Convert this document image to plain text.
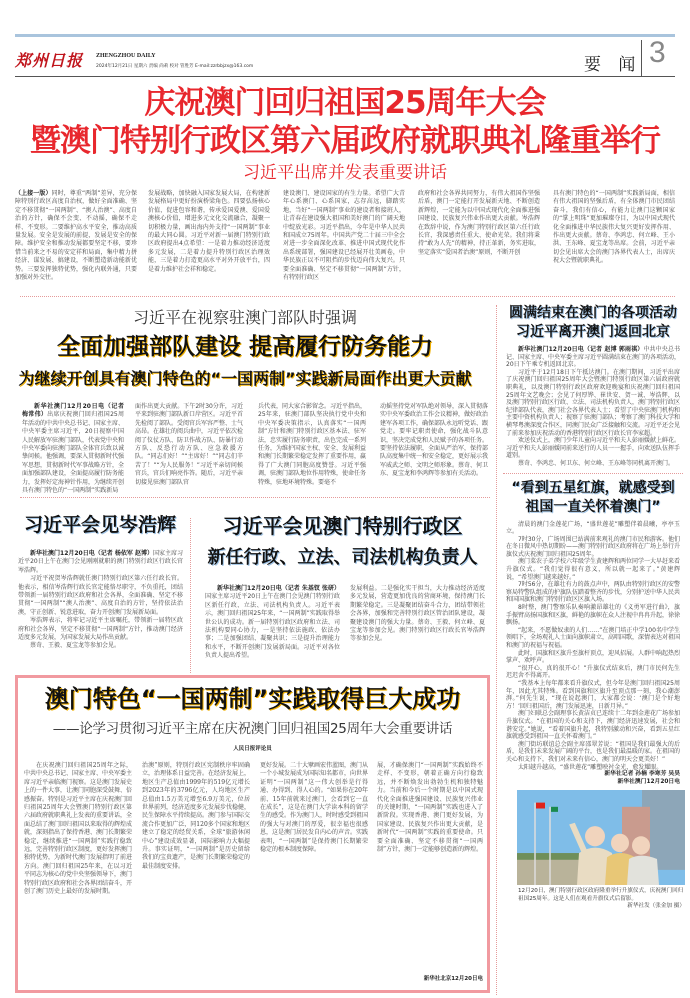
郑州日报 ZHENGZHOU DAILY
2024年12月21日 星期六 责编 尚莉 校对 管胜芳 E-mail:zzrbbjzx@163.com	要 闻 3
庆祝澳门回归祖国25周年大会
暨澳门特别行政区第六届政府就职典礼隆重举行
习近平出席并发表重要讲话

（上接一版）同时，尊重“两制”差异，充分保障特别行政区高度自治权，做好全面准确、坚定不移贯彻“一国两制”、“澳人治澳”、高度自治的方针，确保不会变、不动摇，确保不走样、不变形。二要维护高水平安全，推动高质量发展。安全是发展的前提，发展是安全的保障。维护安全和推动发展都要坚定不移，要珍惜当前来之不易的安定祥和局面，集中精力拼经济、谋发展、搞建设，不断塑造新动能新优势。三要发挥独特优势，强化内联外通，只要加强对外交往。

发展战略，加快融入国家发展大局，在构建新发展格局中更好扮演桥梁角色。四要弘扬核心价值，促进包容和谐，传承爱国爱澳、爱国爱澳核心价值，增进多元文化交流融合，凝聚一切积极力量，画出海内外支持“一国两制”事业的最大同心圆。习近平对新一届澳门特别行政区政府提出4点希望：一是着力推动经济适度多元发展，二是着力提升特别行政区治理效能，三是着力打造更高水平对外开放平台，四是着力维护社会祥和稳定。

建设澳门、建设国家的有生力量。希望广大青年心系澳门、心系国家，志存高远，脚踏实地，当好“一国两制”事业的建设者和接班人，让青春在建设强大祖国和美好澳门的广阔天地中绽放光彩。习近平指出，今年是中华人民共和国成立75周年。中国共产党二十届三中全会对进一步全面深化改革、推进中国式现代化作出系统部署，强国建设已经展开壮美画卷，中华民族正以不可阻挡的步伐迈向伟大复兴。只要全面准确、坚定不移贯彻“一国两制”方针，有特别行政区

政府和社会各界共同努力，有伟大祖国作坚强后盾，澳门一定能打开发展新天地、不断创造新辉煌，一定能为以中国式现代化全面推进强国建设、民族复兴伟业作出更大贡献。岑浩辉在致辞中说，作为澳门特别行政区第六任行政长官，我深感责任重大、使命光荣。我们将秉持“敢为人先”的精神，持正革新，务实进取，坚定落实“爱国者治澳”原则，不断开创

具有澳门特色的“一国两制”实践新局面，相信有伟大祖国的坚强后盾，有全体澳门市民团结奋斗，我们有信心，有能力让澳门这颗国家的“掌上明珠”更加璀璨夺目，为以中国式现代化全面推进中华民族伟大复兴更好发挥作用、作出更大贡献。蔡奇、李鸿忠、何立峰、王小洪、王东峰、夏宝龙等出席。会前，习近平亲切会见出席大会的澳门各界代表人士，出席庆祝大会暨就职典礼。

习近平在视察驻澳门部队时强调
全面加强部队建设 提高履行防务能力
为继续开创具有澳门特色的“一国两制”实践新局面作出更大贡献

新华社澳门12月20日电（记者 梅常伟）出席庆祝澳门回归祖国25周年活动的中共中央总书记、国家主席、中央军委主席习近平，20日视察中国人民解放军驻澳门部队，代表党中央和中央军委向驻澳门部队全体官兵致以诚挚问候。他强调，要深入贯彻新时代强军思想，贯彻新时代军事战略方针，全面加强部队建设，全面提高履行防务能力，发挥好定海神针作用，为继续开创具有澳门特色的“一国两制”实践新局

面作出更大贡献。下午2时30分许，习近平来到驻澳门部队新口岸营区。习近平首先检阅了部队。受阅官兵军容严整、士气高昂。在雄壮的阅兵曲中，习近平依次检阅了仪仗方队、防卫作战方队、防暴行动方队、反恐行动方队、应急救援方队。“同志们好！”“主席好！”“同志们辛苦了！”“为人民服务！”习近平亲切问候官兵，官兵们响亮作答。随后，习近平亲切接见驻澳门部队官

兵代表，同大家合影留念。习近平指出，25年来，驻澳门部队坚决执行党中央和中央军委决策指示，认真落实“一国两制”方针和澳门特别行政区基本法、驻军法，忠实履行防务职责，出色完成一系列任务，为维护国家主权、安全、发展利益和澳门长期繁荣稳定发挥了重要作用，赢得了广大澳门同胞高度赞誉。习近平强调，驻澳门部队地位作用特殊，使命任务特殊，驻地环境特殊。要毫不

动摇坚持党对军队绝对领导，深入贯彻落实中央军委政治工作会议精神，做好政治建军各项工作，确保部队永远听党话、跟党走。要牢记职责使命，强化战斗队意识，坚决完成党和人民赋予的各项任务。要坚持依法履职，全面从严治军，保持部队高度集中统一和安全稳定，更好展示我军威武之师、文明之师形象。蔡奇、何卫东、夏宝龙和李鸿辉等参加有关活动。

圆满结束在澳门的各项活动
习近平离开澳门返回北京

新华社澳门12月20日电（记者 赵博 郭雨祺）中共中央总书记、国家主席、中央军委主席习近平圆满结束在澳门的各项活动，20日下午乘专机返回北京。

习近平于12月18日下午抵达澳门。在澳门期间，习近平出席了庆祝澳门回归祖国25周年大会暨澳门特别行政区第六届政府就职典礼，以及澳门特别行政区政府欢迎晚宴和庆祝澳门回归祖国25周年文艺晚会；会见了何厚铧、崔世安、贺一诚、岑浩辉，以及澳门特别行政区行政、立法、司法机构负责人，澳门特别行政区纪律部队代表，澳门社会各界代表人士；看望了中央驻澳门机构和主要中资机构负责人；视察了驻澳门部队；考察了澳门科技大学和横琴粤澳深度合作区，同澳门民众广泛接触和交流。习近平还会见了前来参加庆祝活动的香港特别行政区行政长官李家超。

欢送仪式上，澳门少年儿童向习近平和夫人彭丽媛献上鲜花。习近平和夫人彭丽媛同前来送行的人员一一握手，向欢送队伍挥手道别。

蔡奇、李鸿忠、何卫东、何立峰、王东峰等同机离开澳门。

“看到五星红旗，就感受到
祖国一直关怀着澳门”

清晨的澳门金莲花广场，“盛世莲花”雕塑伴着晨曦，亭亭玉立。

7时30分，广场周围已站满前来观礼的澳门市民和游客。他们在冬日微风中热切期盼——澳门特别行政区政府将在广场上举行升旗仪式庆祝澳门回归祖国25周年。

澳门菜农子弟学校六年级学生黄建辉和两位同学一大早赶来看升旗仪式。“我们觉得很有意义，所以就一起来了。”黄建辉说，“希望澳门越来越好。”

7时56分，在雄壮有力的鼓点声中，两队由特别行政区的安警察局特警队组成的护旗队伍踏着整齐的步伐，分别护送中华人民共和国国旗和澳门特别行政区区旗入场。

8时整，澳门警察乐队奏响激昂雄壮的《义勇军进行曲》，旗手振臂高扬国旗和区旗，鲜艳的旗帜在众人注视中冉冉升起，徐徐飘扬。

“起来，不愿做奴隶的人们……”在澳门培正中学100名中学生领唱下，全场观礼人士面向旗帜肃立，高唱国歌，深情表达对祖国和澳门的祝福与祝福。

此时，国旗和区旗升至旗杆顶点，迎风招展。人群中响起热烈掌声、欢呼声。

“很开心，真的很开心！”升旗仪式结束后，澳门市民何先生迟迟舍不得离开。

“我基本上每年都来看升旗仪式，但今年是澳门回归祖国25周年，因此尤其特殊。看到国旗和区旗升至顶点那一刻，我心潮澎湃。”何先生说，“现在说起澳门，大家都会说：‘澳门是个好地方！’回归祖国后，澳门发展迅速，日新月异。”

澳门妇联总会副理事长黄洁贞已连续十二年到金莲花广场参加升旗仪式。“在祖国的关心和支持下，澳门经济迅速发展，社会和谐安定。”她说，“看着国旗升起，我特别激动和兴奋，看到五星红旗就感受到祖国一直关怀着澳门。”

澳门街坊联谊总会副主席邵翠芳说：“祖国是我们最强大的后盾，是我们未来发展广阔的平台，也是我们最温暖的家。在祖国的关心和支持下，我们对未来有信心，澳门的明天会更美好！”

太阳越升越高，“盛世莲花”雕塑映衬金光，愈发耀眼。

新华社记者 孙楠 李寒芳 吴昊
新华社澳门12月20日电
12月20日，澳门特别行政区政府隆重举行升旗仪式，庆祝澳门回归祖国25周年。这是人们在观看升旗仪式后留影。
新华社发（张金加 摄）
习近平会见岑浩辉

新华社澳门12月20日电（记者 杨依军 赵博）国家主席习近平20日上午在澳门会见刚刚就职的澳门特别行政区行政长官岑浩辉。

习近平祝贺岑浩辉就任澳门特别行政区第六任行政长官。他表示，相信岑浩辉行政长官定能恪尽职守，不负重托，团结带领新一届特别行政区政府和社会各界，全面准确、坚定不移贯彻“一国两制”“澳人治澳”、高度自治的方针，坚持依法治澳，守正创新、锐意进取，奋力开创澳门发展新局面。

岑浩辉表示，将牢记习近平主席嘱托，带领新一届特区政府和社会各界，坚定不移贯彻“一国两制”方针，推动澳门经济适度多元发展，为国家发展大局作出贡献。

蔡奇、王毅、夏宝龙等参加会见。

习近平会见澳门特别行政区
新任行政、立法、司法机构负责人

新华社澳门12月20日电（记者 朱基钗 张研）国家主席习近平20日上午在澳门会见澳门特别行政区新任行政、立法、司法机构负责人。习近平表示，澳门回归祖国25年来，“一国两制”实践取得举世公认的成功。新一届特别行政区政府和立法、司法机构要同心协力，一是坚持依法施政、依法办事；二是加强团结、凝聚共识；三是提升治理能力和水平，不断开创澳门发展新局面。习近平对各位负责人提出希望。

发展利益。二是强化实干担当，大力推动经济适度多元发展，营造更加优良的营商环境，保持澳门长期繁荣稳定。三是凝聚团结奋斗合力，团结带领社会各界，加强和完善特别行政区管治团队建设，凝聚建设澳门的强大力量。蔡奇、王毅、何立峰、夏宝龙等参加会见。澳门特别行政区行政长官岑浩辉等参加会见。

澳门特色“一国两制”实践取得巨大成功
——论学习贯彻习近平主席在庆祝澳门回归祖国25周年大会重要讲话
人民日报评论员

在庆祝澳门回归祖国25周年之际，中共中央总书记、国家主席、中央军委主席习近平亲临澳门视察。这是澳门发展史上的一件大事，让澳门同胞深受鼓舞、倍感振奋。特别是习近平主席在庆祝澳门回归祖国25周年大会暨澳门特别行政区第六届政府就职典礼上发表的重要讲话，全面总结了澳门回归祖国以来取得的辉煌成就，深刻指出了保持香港、澳门长期繁荣稳定，继续推进“一国两制”实践行稳致远，完善特别行政区制度，更好发挥澳门独特优势，为新时代澳门发展指明了前进方向。澳门回归祖国25年来，在以习近平同志为核心的党中央坚强领导下，澳门特别行政区政府和社会各界团结奋斗，开创了澳门历史上最好的发展时期。

治澳”原则，特别行政区宪制秩序牢固确立，治理体系日益完善。在经济发展上，地区生产总值由1999年的519亿元增长到2023年的3796亿元，人均地区生产总值由1.5万美元增至6.9万美元，位居世界前列，经济适度多元发展步伐稳健，民生保障水平持续提高。澳门参与国际交流合作更加广泛，同120多个国家和地区建立了稳定的经贸关系，全球“旅游休闲中心”建设成效显著，国际影响力大幅提升。事实证明，“一国两制”是历史留给我们的宝贵遗产，是澳门长期繁荣稳定的最佳制度安排。

更好发展。二十大擘画宏伟蓝图，澳门从一个小城发展成为国际知名都市，向世界证明“一国两制”这一伟大创举是行得通、办得到、得人心的。“如果你在20年前、15年前就来过澳门，会看到它一直在成长”，这是在澳门大学读本科的留学生的感受。作为澳门人，时时感受到祖国的强大与对澳门的厚爱，很幸福也很感恩，这是澳门居民发自内心的声音。实践表明，“一国两制”是保持澳门长期繁荣稳定的根本制度保障。

展，才确保澳门“一国两制”实践始终不走样、不变形，朝着正确方向行稳致远，并不断焕发出勃勃生机和独特魅力。当前和今后一个时期是以中国式现代化全面推进强国建设、民族复兴伟业的关键时期，“一国两制”实践也进入了新阶段。实现香港、澳门更好发展，为国家建设、民族复兴作出更大贡献，是新时代“一国两制”实践的重要使命。只要全面准确、坚定不移贯彻“一国两制”方针，澳门一定能够创造新的辉煌。

新华社北京12月20日电
